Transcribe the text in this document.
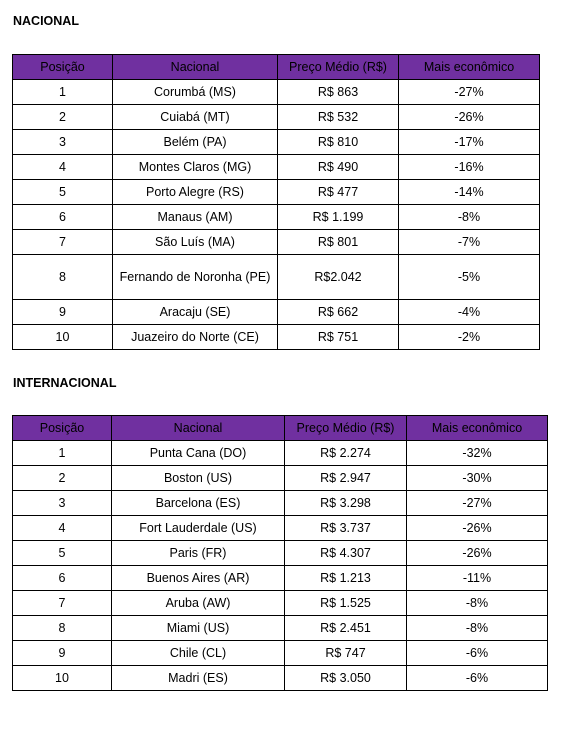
NACIONAL
Posição	Nacional	Preço Médio (R$)	Mais econômico
1	Corumbá (MS)	R$ 863	-27%
2	Cuiabá (MT)	R$ 532	-26%
3	Belém (PA)	R$ 810	-17%
4	Montes Claros (MG)	R$ 490	-16%
5	Porto Alegre (RS)	R$ 477	-14%
6	Manaus (AM)	R$ 1.199	-8%
7	São Luís (MA)	R$ 801	-7%
8	Fernando de Noronha (PE)	R$2.042	-5%
9	Aracaju (SE)	R$ 662	-4%
10	Juazeiro do Norte (CE)	R$ 751	-2%
INTERNACIONAL
Posição	Nacional	Preço Médio (R$)	Mais econômico
1	Punta Cana (DO)	R$ 2.274	-32%
2	Boston (US)	R$ 2.947	-30%
3	Barcelona (ES)	R$ 3.298	-27%
4	Fort Lauderdale (US)	R$ 3.737	-26%
5	Paris (FR)	R$ 4.307	-26%
6	Buenos Aires (AR)	R$ 1.213	-11%
7	Aruba (AW)	R$ 1.525	-8%
8	Miami (US)	R$ 2.451	-8%
9	Chile (CL)	R$ 747	-6%
10	Madri (ES)	R$ 3.050	-6%
